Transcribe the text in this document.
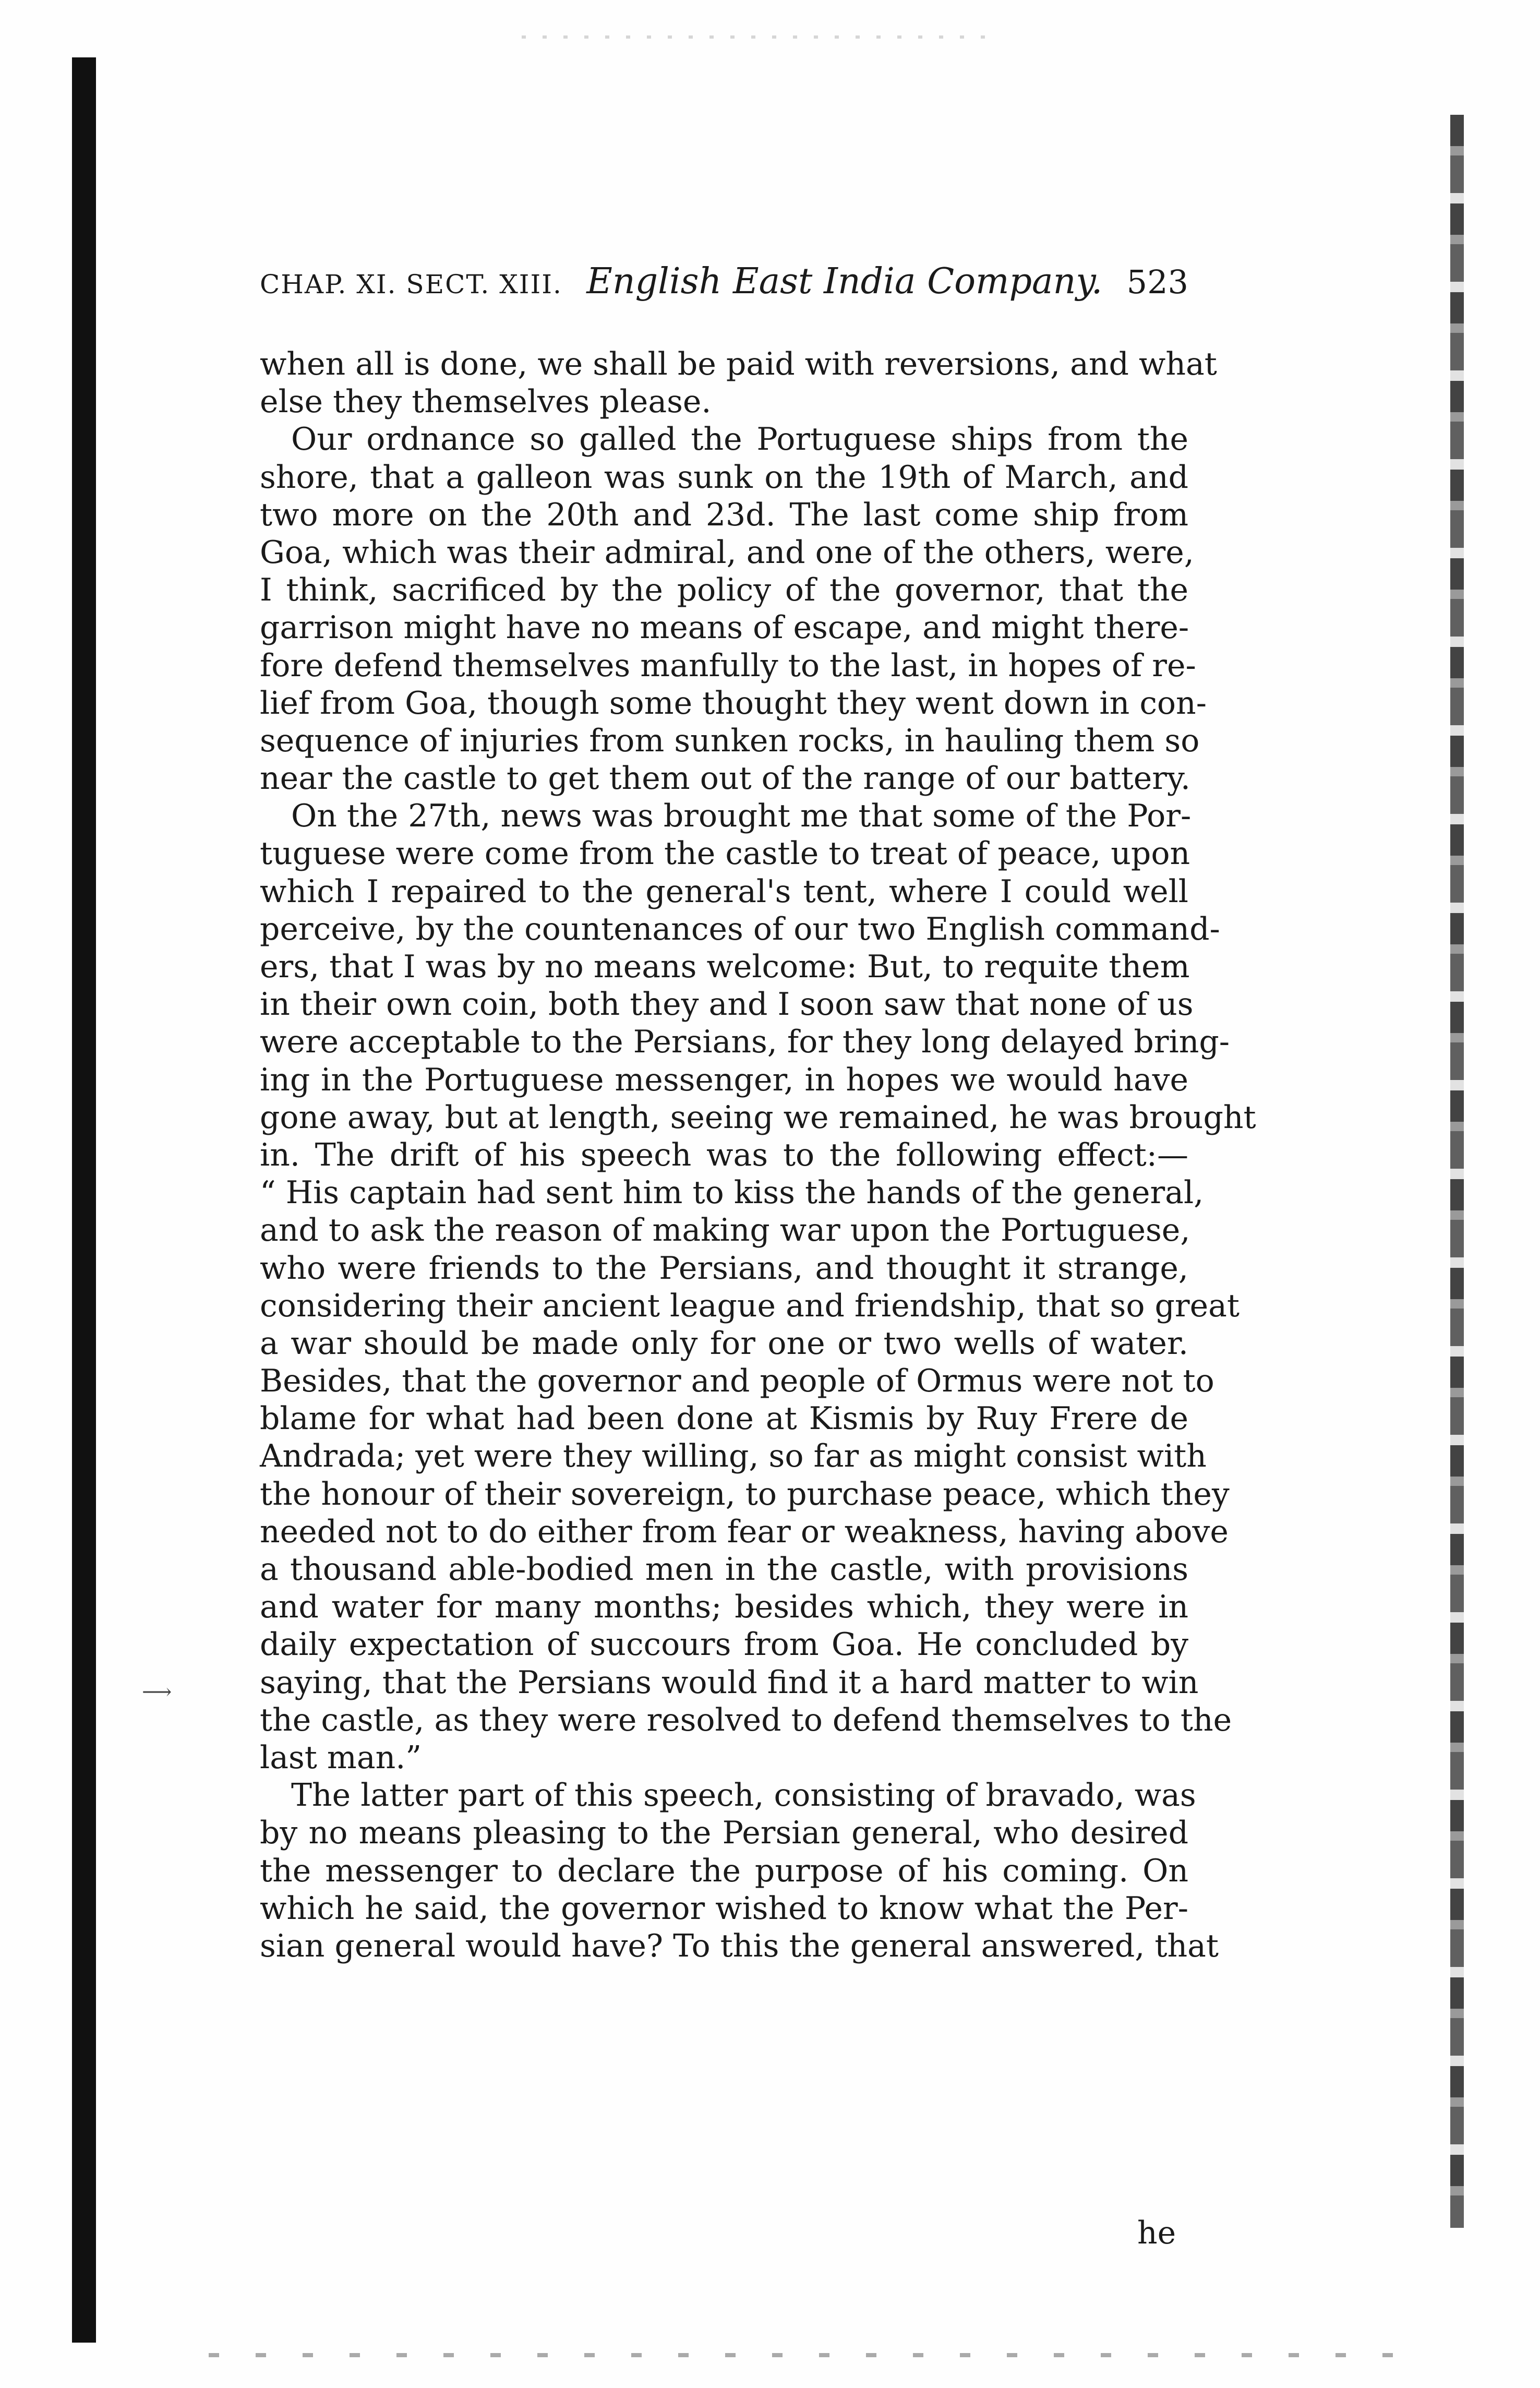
⟶
CHAP. XI. SECT. XIII. English East India Company. 523
when all is done, we shall be paid with reversions, and what
else they themselves please.
Our ordnance so galled the Portuguese ships from the
shore, that a galleon was sunk on the 19th of March, and
two more on the 20th and 23d. The last come ship from
Goa, which was their admiral, and one of the others, were,
I think, sacrificed by the policy of the governor, that the
garrison might have no means of escape, and might there-
fore defend themselves manfully to the last, in hopes of re-
lief from Goa, though some thought they went down in con-
sequence of injuries from sunken rocks, in hauling them so
near the castle to get them out of the range of our battery.
On the 27th, news was brought me that some of the Por-
tuguese were come from the castle to treat of peace, upon
which I repaired to the general's tent, where I could well
perceive, by the countenances of our two English command-
ers, that I was by no means welcome: But, to requite them
in their own coin, both they and I soon saw that none of us
were acceptable to the Persians, for they long delayed bring-
ing in the Portuguese messenger, in hopes we would have
gone away, but at length, seeing we remained, he was brought
in. The drift of his speech was to the following effect:—
“ His captain had sent him to kiss the hands of the general,
and to ask the reason of making war upon the Portuguese,
who were friends to the Persians, and thought it strange,
considering their ancient league and friendship, that so great
a war should be made only for one or two wells of water.
Besides, that the governor and people of Ormus were not to
blame for what had been done at Kismis by Ruy Frere de
Andrada; yet were they willing, so far as might consist with
the honour of their sovereign, to purchase peace, which they
needed not to do either from fear or weakness, having above
a thousand able-bodied men in the castle, with provisions
and water for many months; besides which, they were in
daily expectation of succours from Goa. He concluded by
saying, that the Persians would find it a hard matter to win
the castle, as they were resolved to defend themselves to the
last man.”
The latter part of this speech, consisting of bravado, was
by no means pleasing to the Persian general, who desired
the messenger to declare the purpose of his coming. On
which he said, the governor wished to know what the Per-
sian general would have? To this the general answered, that
he
